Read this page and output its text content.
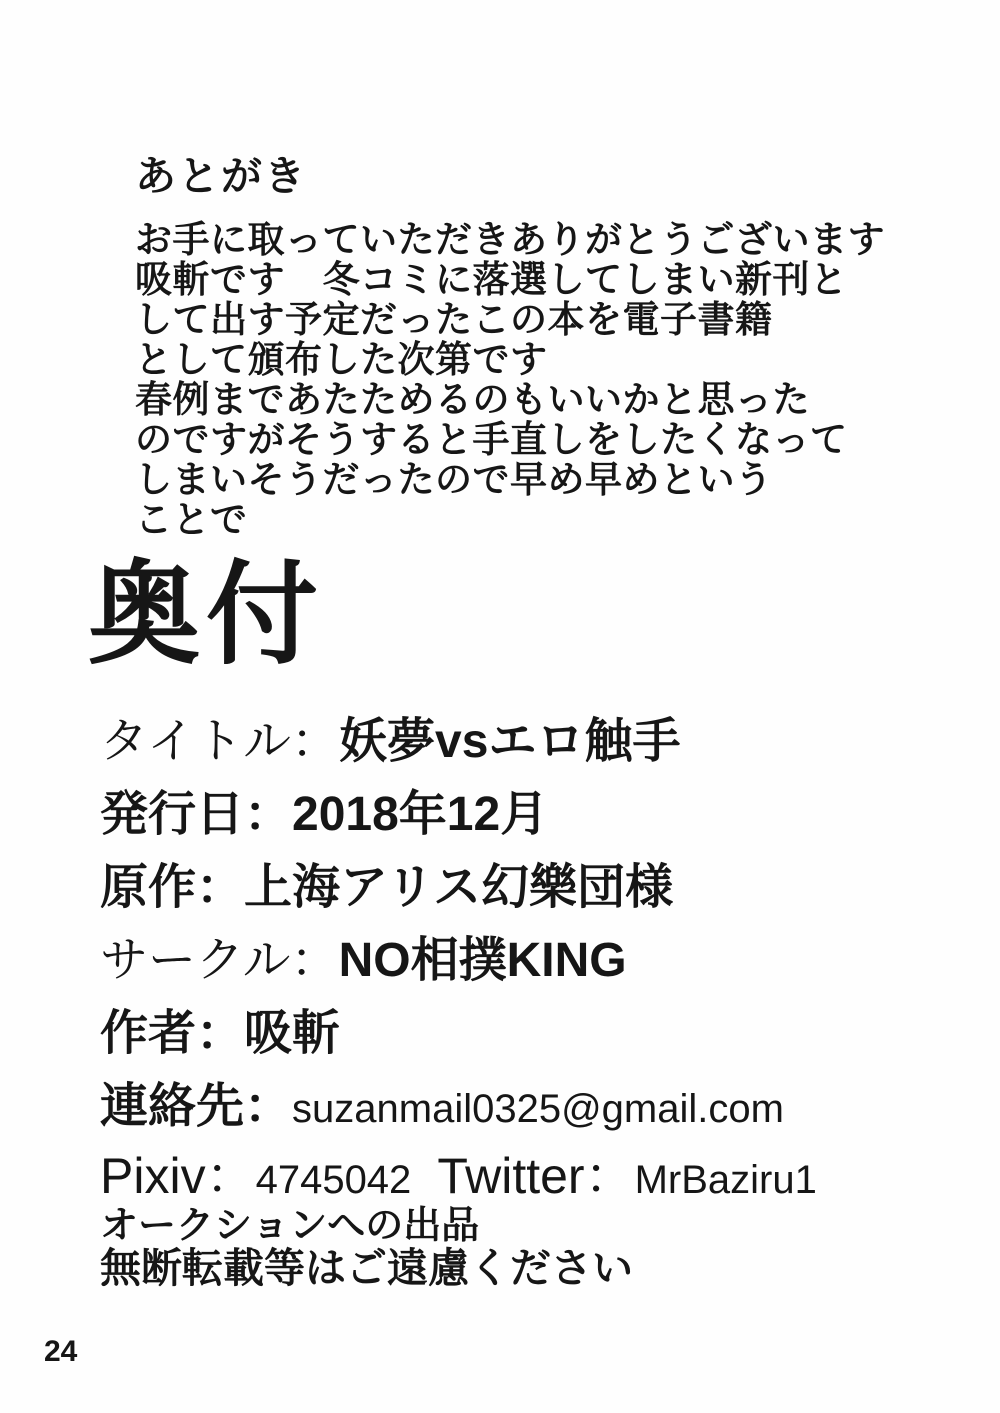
あとがき
お手に取っていただきありがとうございます
吸斬です　冬コミに落選してしまい新刊と
して出す予定だったこの本を電子書籍
として頒布した次第です
春例まであたためるのもいいかと思った
のですがそうすると手直しをしたくなって
しまいそうだったので早め早めという
ことで
奥付
タイトル： 妖夢vsエロ触手
発行日： 2018年12月
原作： 上海アリス幻樂団様
サークル： NO相撲KING
作者： 吸斬
連絡先： suzanmail0325@gmail.com
Pixiv： 4745042 Twitter： MrBaziru1
オークションへの出品
無断転載等はご遠慮ください
24
